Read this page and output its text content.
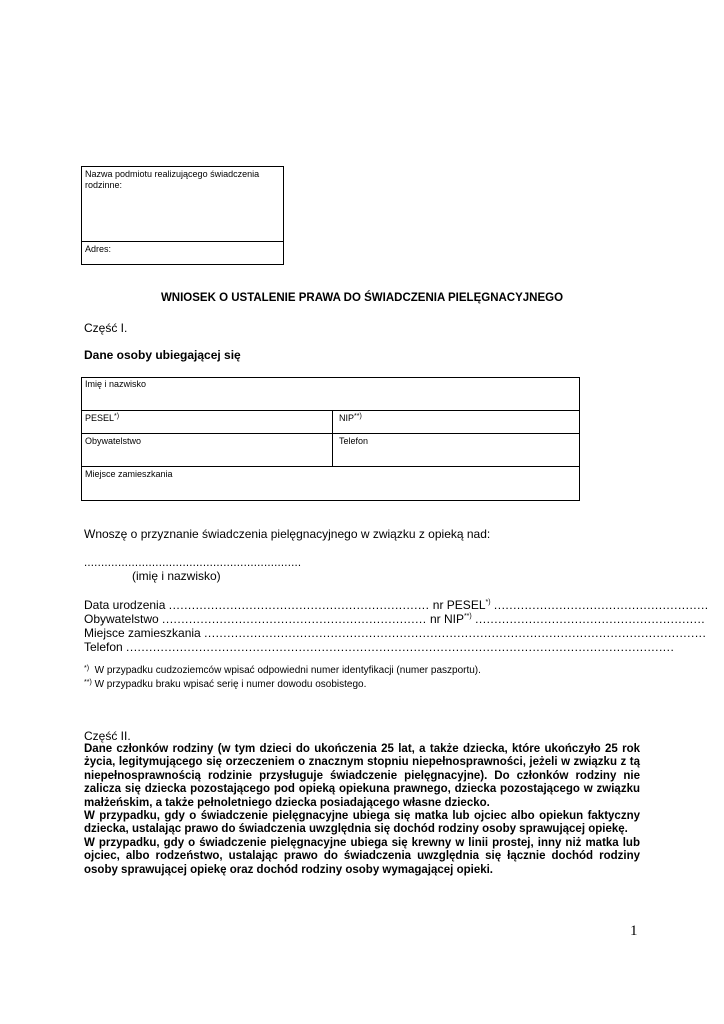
Nazwa podmiotu realizującego świadczenia rodzinne:
Adres:
WNIOSEK O USTALENIE PRAWA DO ŚWIADCZENIA PIELĘGNACYJNEGO
Część I.
Dane osoby ubiegającej się
Imię i nazwisko
PESEL*)	NIP**)
Obywatelstwo	Telefon
Miejsce zamieszkania
Wnoszę o przyznanie świadczenia pielęgnacyjnego w związku z opieką nad:
................................................................
(imię i nazwisko)
Data urodzenia .................................................................... nr PESEL*) ........................................................
Obywatelstwo ..................................................................... nr NIP**) ............................................................
Miejsce zamieszkania ...................................................................................................................................
Telefon ...............................................................................................................................................
*) W przypadku cudzoziemców wpisać odpowiedni numer identyfikacji (numer paszportu).
**) W przypadku braku wpisać serię i numer dowodu osobistego.
Część II.

Dane członków rodziny (w tym dzieci do ukończenia 25 lat, a także dziecka, które ukończyło 25 rok życia, legitymującego się orzeczeniem o znacznym stopniu niepełnosprawności, jeżeli w związku z tą niepełnosprawnością rodzinie przysługuje świadczenie pielęgnacyjne). Do członków rodziny nie zalicza się dziecka pozostającego pod opieką opiekuna prawnego, dziecka pozostającego w związku małżeńskim, a także pełnoletniego dziecka posiadającego własne dziecko.

W przypadku, gdy o świadczenie pielęgnacyjne ubiega się matka lub ojciec albo opiekun faktyczny dziecka, ustalając prawo do świadczenia uwzględnia się dochód rodziny osoby sprawującej opiekę.

W przypadku, gdy o świadczenie pielęgnacyjne ubiega się krewny w linii prostej, inny niż matka lub ojciec, albo rodzeństwo, ustalając prawo do świadczenia uwzględnia się łącznie dochód rodziny osoby sprawującej opiekę oraz dochód rodziny osoby wymagającej opieki.

1
